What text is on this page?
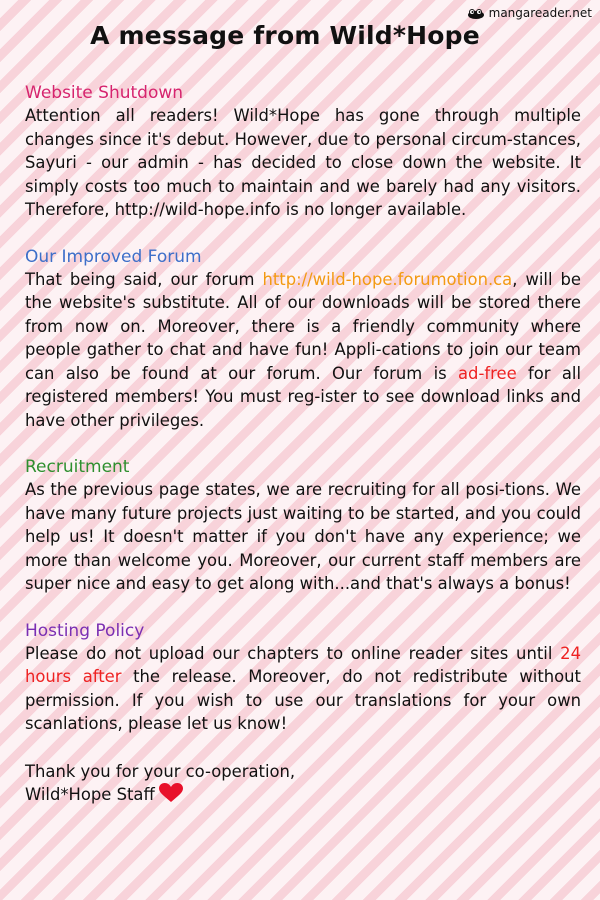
mangareader.net
A message from Wild*Hope
Website Shutdown
Attention all readers! Wild*Hope has gone through multiple changes since it's debut. However, due to personal circum-stances, Sayuri - our admin - has decided to close down the website. It simply costs too much to maintain and we barely had any visitors. Therefore, http://wild-hope.info is no longer available.
Our Improved Forum
That being said, our forum http://wild-hope.forumotion.ca, will be the website's substitute. All of our downloads will be stored there from now on. Moreover, there is a friendly community where people gather to chat and have fun! Appli-cations to join our team can also be found at our forum. Our forum is ad-free for all registered members! You must reg-ister to see download links and have other privileges.
Recruitment
As the previous page states, we are recruiting for all posi-tions. We have many future projects just waiting to be started, and you could help us! It doesn't matter if you don't have any experience; we more than welcome you. Moreover, our current staff members are super nice and easy to get along with...and that's always a bonus!
Hosting Policy
Please do not upload our chapters to online reader sites until 24 hours after the release. Moreover, do not redistribute without permission. If you wish to use our translations for your own scanlations, please let us know!
Thank you for your co-operation,
Wild*Hope Staff
